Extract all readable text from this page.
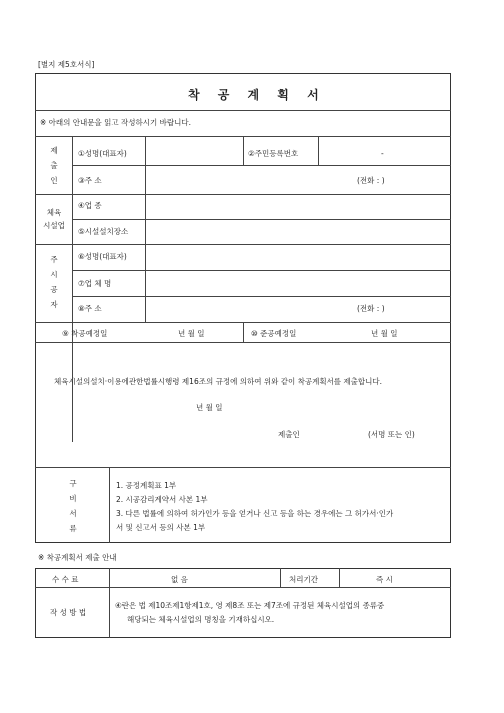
[별지 제5호서식]
착 공 계 획 서
※ 아래의 안내문을 읽고 작성하시기 바랍니다.
제
출
인
①성명(대표자)	②주민등록번호	-
③주 소	(전화 : )
체육
시설업
④업 종
⑤시설설치장소
주
시
공
자
⑥성명(대표자)
⑦업 체 명
⑧주 소	(전화 : )
⑨ 착공예정일	년 월 일	⑩ 준공예정일	년 월 일
체육시설의설치·이용에관한법률시행령 제16조의 규정에 의하여 위와 같이 착공계획서를 제출합니다.
년 월 일
제출인	(서명 또는 인)
구
비
서
류
1. 공정계획표 1부
2. 시공감리계약서 사본 1부
3. 다른 법률에 의하여 허가인가 등을 얻거나 신고 등을 하는 경우에는 그 허가서·인가
서 및 신고서 등의 사본 1부
※ 착공계획서 제출 안내
수 수 료	없 음	처리기간	즉 시
작 성 방 법
④란은 법 제10조제1항제1호, 영 제8조 또는 제7조에 규정된 체육시설업의 종류중
해당되는 체육시설업의 명칭을 기재하십시오.
